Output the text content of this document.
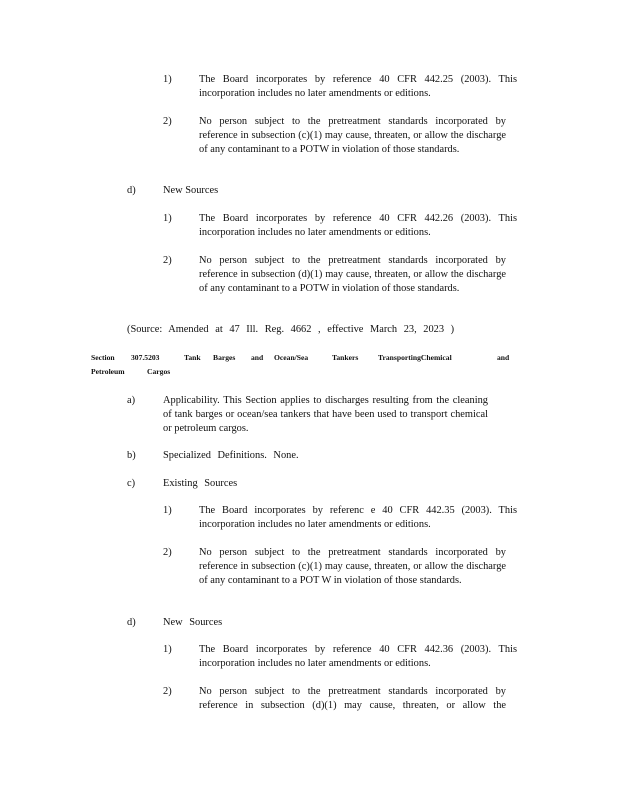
1)	The Board incorporates by reference 40 CFR 442.25 (2003). This incorporation includes no later amendments or editions.
2)	No person subject to the pretreatment standards incorporated by reference in subsection (c)(1) may cause, threaten, or allow the discharge of any contaminant to a POTW in violation of those standards.
d)	New Sources
1)	The Board incorporates by reference 40 CFR 442.26 (2003). This incorporation includes no later amendments or editions.
2)	No person subject to the pretreatment standards incorporated by reference in subsection (d)(1) may cause, threaten, or allow the discharge of any contaminant to a POTW in violation of those standards.
(Source: Amended at 47 Ill. Reg. 4662 , effective March 23, 2023 )
Section 307.5203	Tank Barges and Ocean/Sea	Tankers	TransportingChemical	and
Petroleum	Cargos
a)	Applicability. This Section applies to discharges resulting from the cleaning of tank barges or ocean/sea tankers that have been used to transport chemical or petroleum cargos.
b)	Specialized Definitions. None.
c)	Existing Sources
1)	The Board incorporates by referenc e 40 CFR 442.35 (2003). This incorporation includes no later amendments or editions.
2)	No person subject to the pretreatment standards incorporated by reference in subsection (c)(1) may cause, threaten, or allow the discharge of any contaminant to a POT W in violation of those standards.
d)	New Sources
1)	The Board incorporates by reference 40 CFR 442.36 (2003). This incorporation includes no later amendments or editions.
2)	No person subject to the pretreatment standards incorporated by reference in subsection (d)(1) may cause, threaten, or allow the
